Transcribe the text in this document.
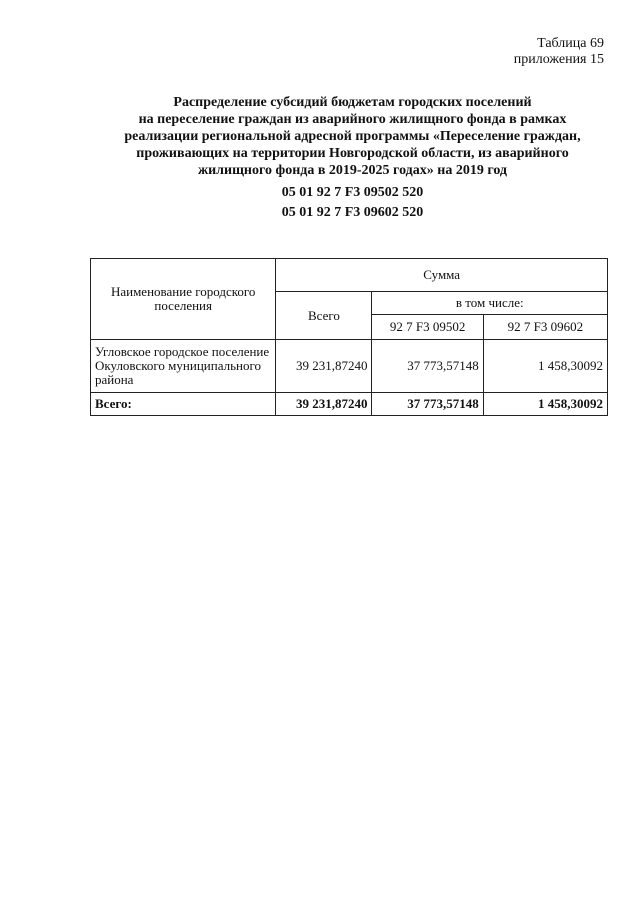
Таблица 69
приложения 15
Распределение субсидий бюджетам городских поселений
на переселение граждан из аварийного жилищного фонда в рамках
реализации региональной адресной программы «Переселение граждан,
проживающих на территории Новгородской области, из аварийного
жилищного фонда в 2019-2025 годах» на 2019 год
05 01 92 7 F3 09502 520
05 01 92 7 F3 09602 520
Наименование городского поселения	Сумма		
	Всего	в том числе:	
		92 7 F3 09502	92 7 F3 09602
Угловское городское поселение Окуловского муниципального района	39 231,87240	37 773,57148	1 458,30092
Всего:	39 231,87240	37 773,57148	1 458,30092
